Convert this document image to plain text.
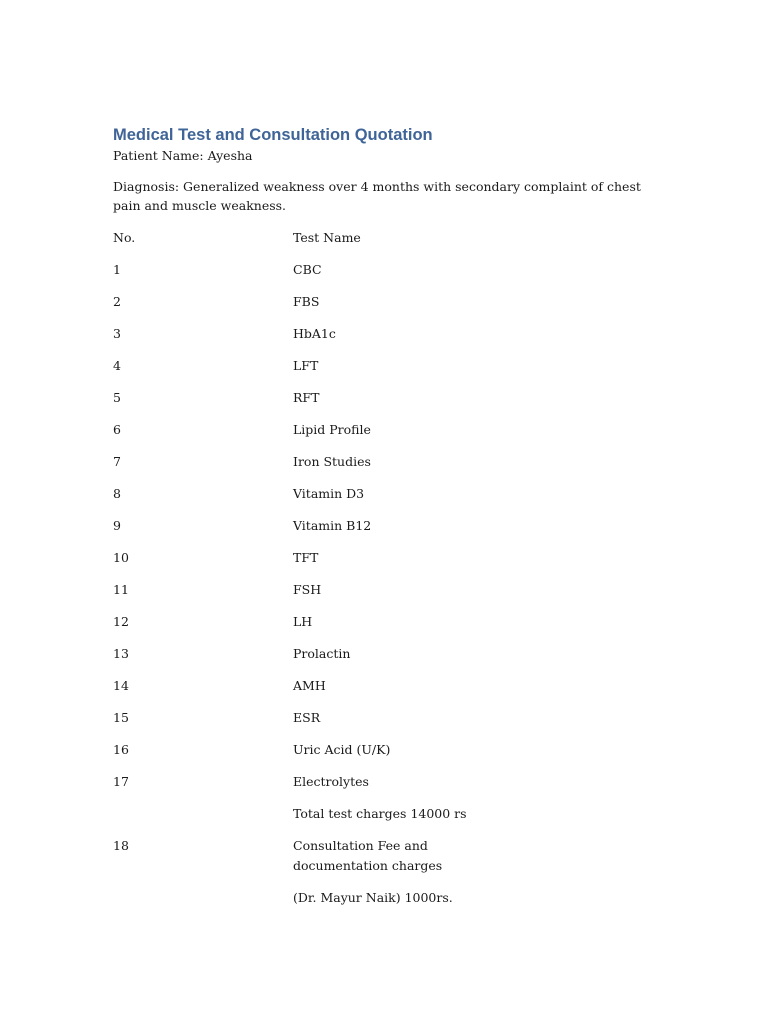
Medical Test and Consultation Quotation

Patient Name: Ayesha

Diagnosis: Generalized weakness over 4 months with secondary complaint of chest pain and muscle weakness.

No.	Test Name
1	CBC
2	FBS
3	HbA1c
4	LFT
5	RFT
6	Lipid Profile
7	Iron Studies
8	Vitamin D3
9	Vitamin B12
10	TFT
11	FSH
12	LH
13	Prolactin
14	AMH
15	ESR
16	Uric Acid (U/K)
17	Electrolytes
Total test charges 14000 rs
18	Consultation Fee and documentation charges
(Dr. Mayur Naik) 1000rs.
